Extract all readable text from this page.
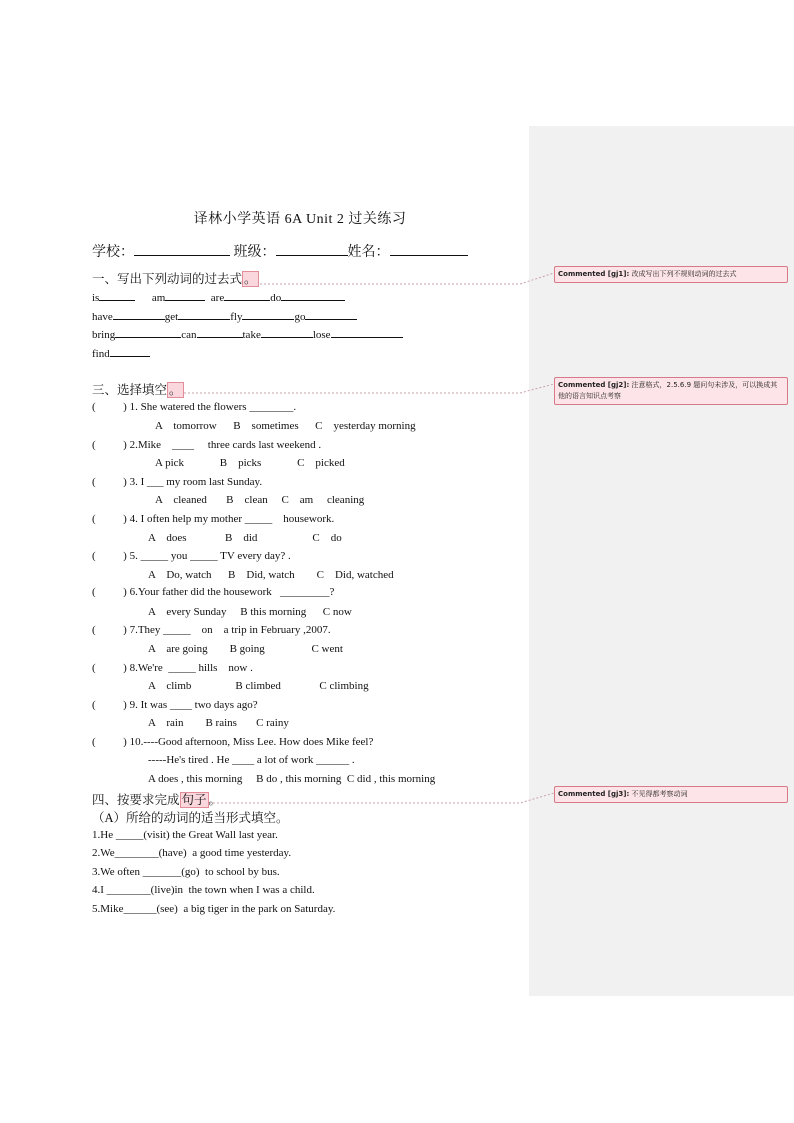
译林小学英语 6A Unit 2 过关练习
学校：	班级：	姓名：
一、写出下列动词的过去式 。
is	am	are	do
have	get	fly	go
bring	can	take	lose
find
三、选择填空 。
(          ) 1. She watered the flowers ________.
A    tomorrow      B    sometimes      C    yesterday morning
(          ) 2.Mike    ____     three cards last weekend .
A pick             B    picks             C    picked
(          ) 3. I ___ my room last Sunday.
A    cleaned       B    clean     C    am     cleaning
(          ) 4. I often help my mother _____    housework.
A    does              B    did                    C    do
(          ) 5. _____ you _____ TV every day? .
A    Do, watch      B    Did, watch        C    Did, watched
(          ) 6.Your father did the housework   _________?
A    every Sunday     B this morning      C now
(          ) 7.They _____    on    a trip in February ,2007.
A    are going        B going                 C went
(          ) 8.We're  _____ hills    now .
A    climb                B climbed              C climbing
(          ) 9. It was ____ two days ago?
A    rain        B rains       C rainy
(          ) 10.----Good afternoon, Miss Lee. How does Mike feel?
-----He's tired . He ____ a lot of work ______ .
A does , this morning     B do , this morning  C did , this morning
四、按要求完成 句子 。
（A）所给的动词的适当形式填空。
1.He _____(visit) the Great Wall last year.
2.We________(have)  a good time yesterday.
3.We often _______(go)  to school by bus.
4.I ________(live)in  the town when I was a child.
5.Mike______(see)  a big tiger in the park on Saturday.
Commented [gj1]: 改成写出下列不规则动词的过去式
Commented [gj2]: 注意格式，2.5.6.9 题问句未涉及，可以换成其他的语言知识点考察
Commented [gj3]: 不见得都考察动词
